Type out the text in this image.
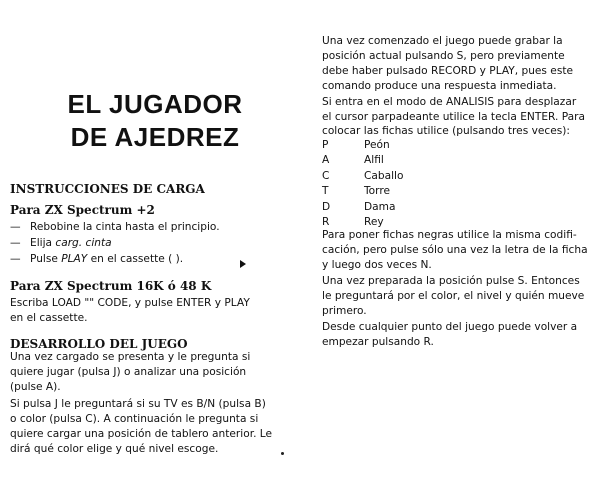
EL JUGADOR
DE AJEDREZ
INSTRUCCIONES DE CARGA
Para ZX Spectrum +2
— Rebobine la cinta hasta el principio.
— Elija carg. cinta
— Pulse PLAY en el cassette ( ).
Para ZX Spectrum 16K ó 48 K

Escriba LOAD "" CODE, y pulse ENTER y PLAY

en el cassette.

DESARROLLO DEL JUEGO

Una vez cargado se presenta y le pregunta si

quiere jugar (pulsa J) o analizar una posición

(pulse A).

Si pulsa J le preguntará si su TV es B/N (pulsa B)

o color (pulsa C). A continuación le pregunta si

quiere cargar una posición de tablero anterior. Le

dirá qué color elige y qué nivel escoge.

Una vez comenzado el juego puede grabar la

posición actual pulsando S, pero previamente

debe haber pulsado RECORD y PLAY, pues este

comando produce una respuesta inmediata.

Si entra en el modo de ANALISIS para desplazar

el cursor parpadeante utilice la tecla ENTER. Para

colocar las fichas utilice (pulsando tres veces):

P	Peón
A	Alfil
C	Caballo
T	Torre
D	Dama
R	Rey

Para poner fichas negras utilice la misma codifi-

cación, pero pulse sólo una vez la letra de la ficha

y luego dos veces N.

Una vez preparada la posición pulse S. Entonces

le preguntará por el color, el nivel y quién mueve

primero.

Desde cualquier punto del juego puede volver a

empezar pulsando R.
